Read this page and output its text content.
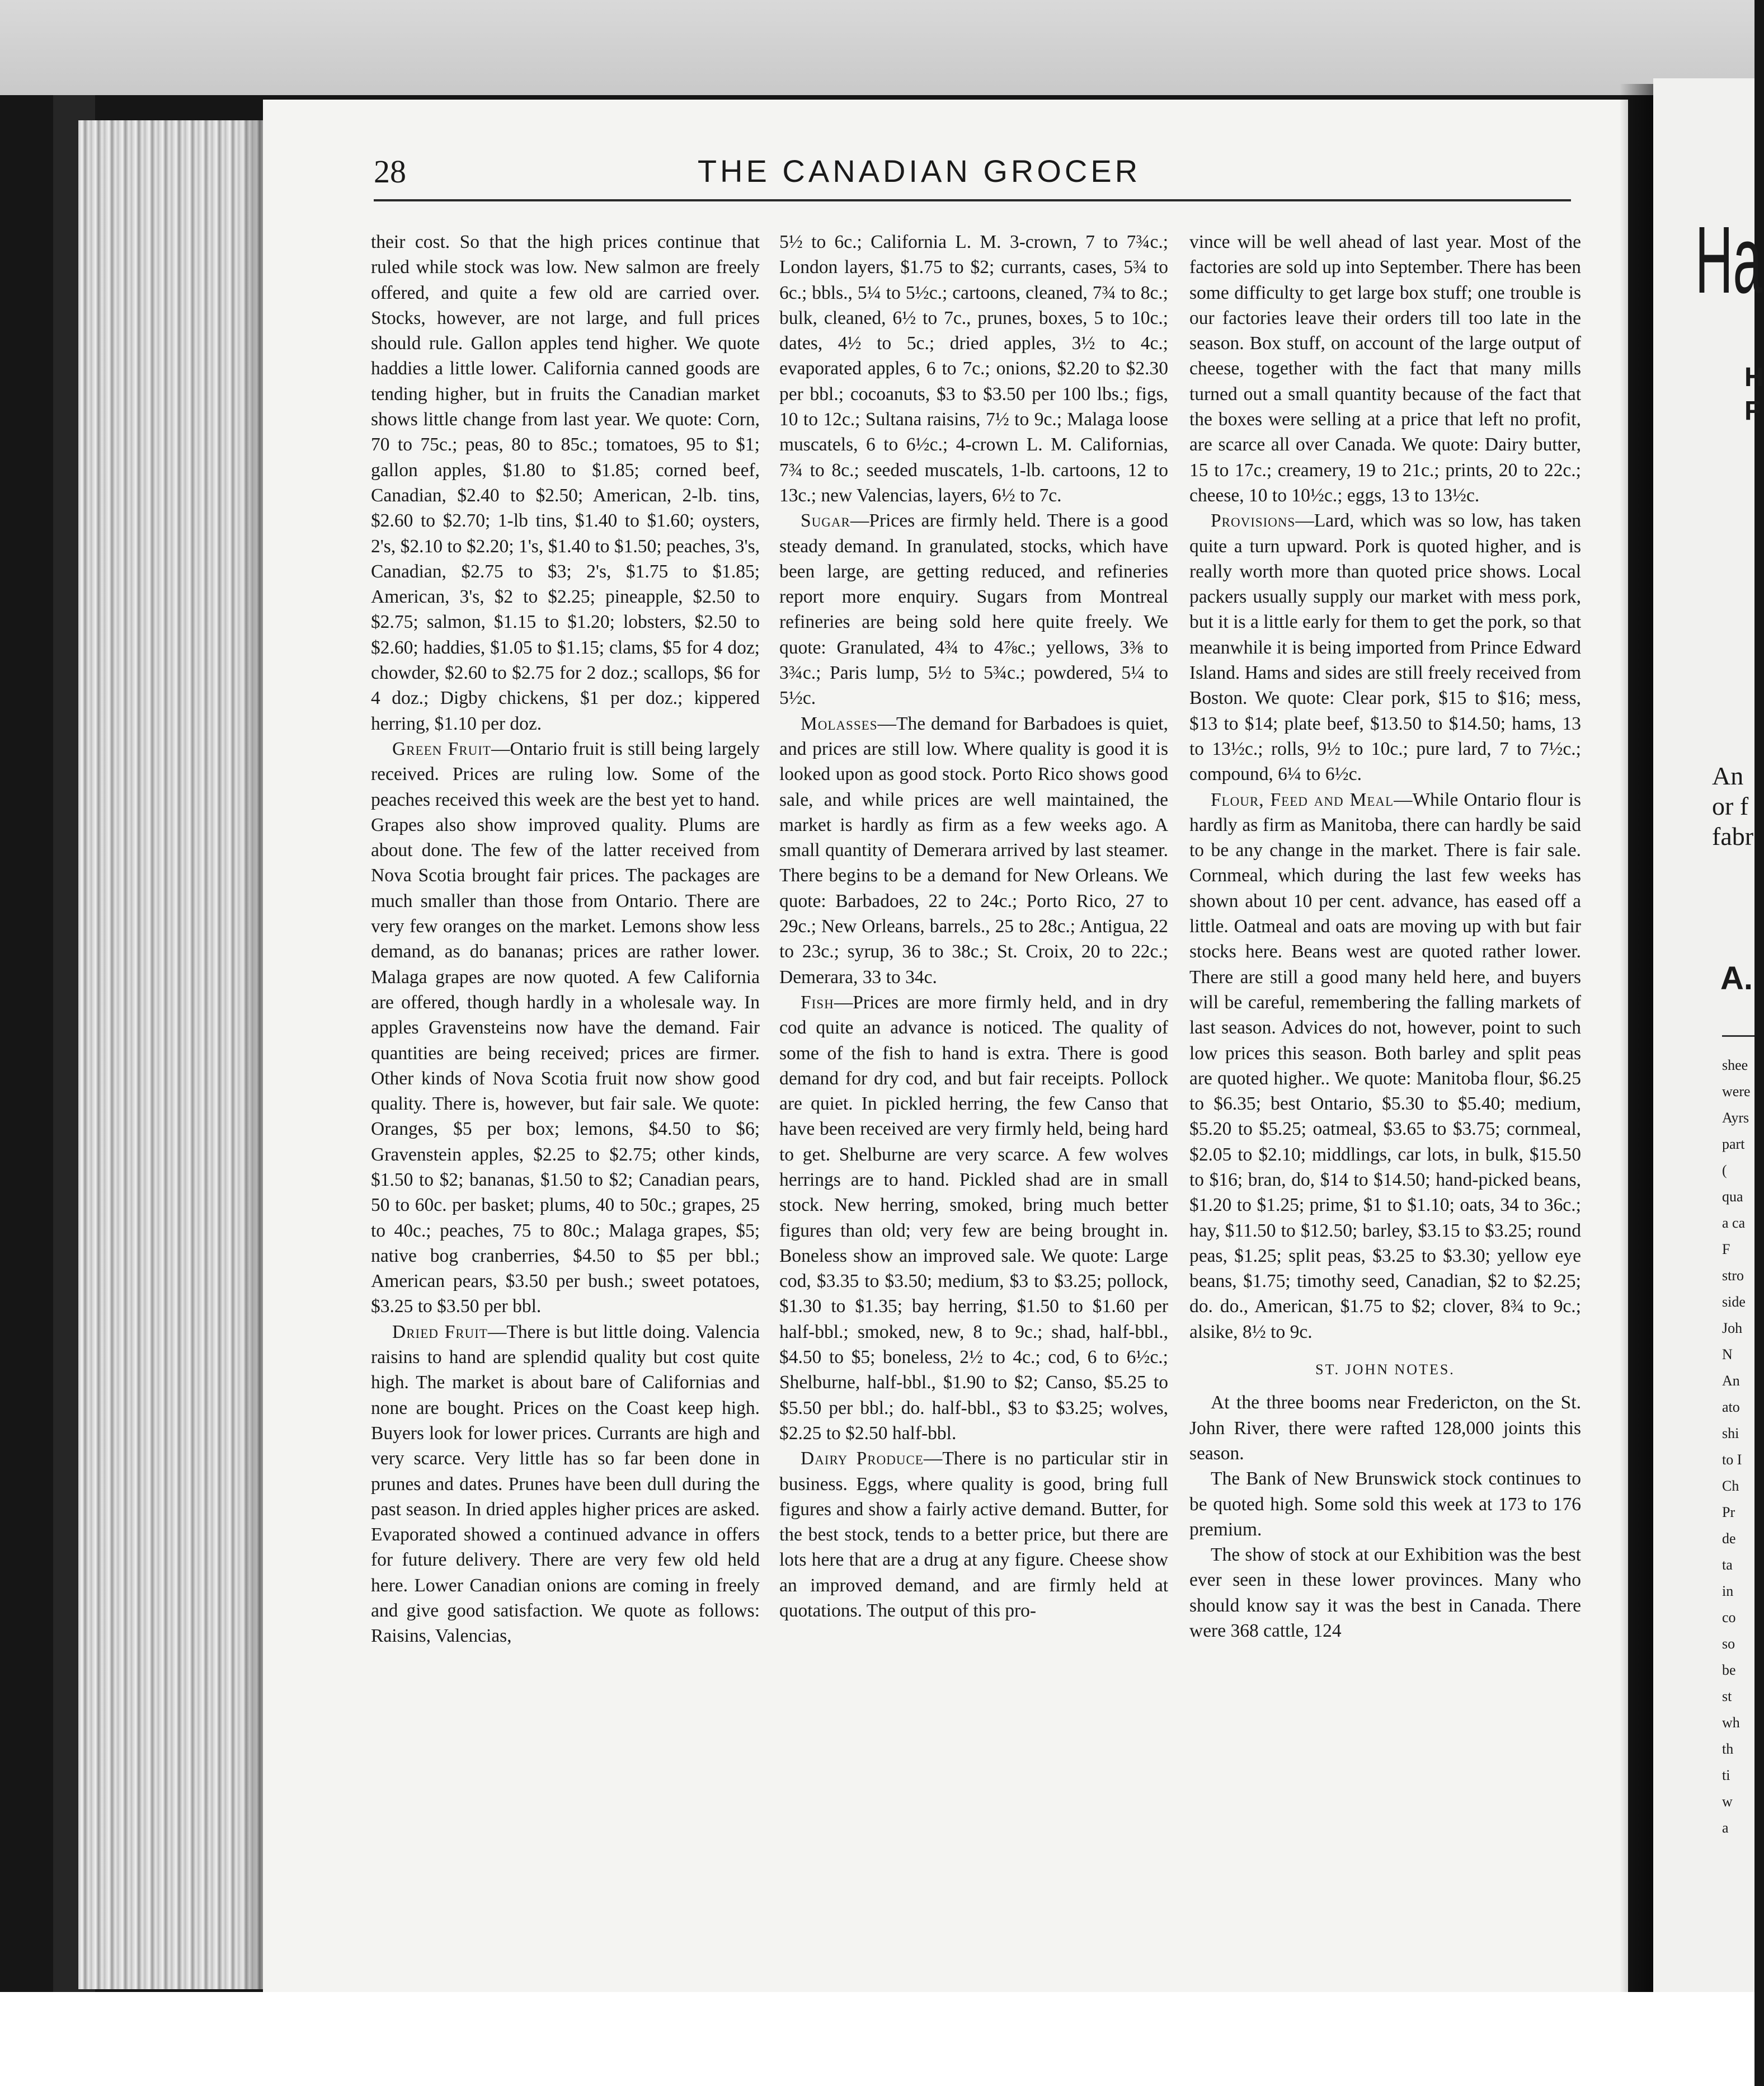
28	THE CANADIAN GROCER

their cost. So that the high prices continue that ruled while stock was low. New salmon are freely offered, and quite a few old are carried over. Stocks, however, are not large, and full prices should rule. Gallon apples tend higher. We quote haddies a little lower. California canned goods are tending higher, but in fruits the Canadian market shows little change from last year. We quote: Corn, 70 to 75c.; peas, 80 to 85c.; tomatoes, 95 to $1; gallon apples, $1.80 to $1.85; corned beef, Canadian, $2.40 to $2.50; American, 2-lb. tins, $2.60 to $2.70; 1-lb tins, $1.40 to $1.60; oysters, 2's, $2.10 to $2.20; 1's, $1.40 to $1.50; peaches, 3's, Canadian, $2.75 to $3; 2's, $1.75 to $1.85; American, 3's, $2 to $2.25; pineapple, $2.50 to $2.75; salmon, $1.15 to $1.20; lobsters, $2.50 to $2.60; haddies, $1.05 to $1.15; clams, $5 for 4 doz; chowder, $2.60 to $2.75 for 2 doz.; scallops, $6 for 4 doz.; Digby chickens, $1 per doz.; kippered herring, $1.10 per doz.

Green Fruit—Ontario fruit is still being largely received. Prices are ruling low. Some of the peaches received this week are the best yet to hand. Grapes also show improved quality. Plums are about done. The few of the latter received from Nova Scotia brought fair prices. The packages are much smaller than those from Ontario. There are very few oranges on the market. Lemons show less demand, as do bananas; prices are rather lower. Malaga grapes are now quoted. A few California are offered, though hardly in a wholesale way. In apples Gravensteins now have the demand. Fair quantities are being received; prices are firmer. Other kinds of Nova Scotia fruit now show good quality. There is, however, but fair sale. We quote: Oranges, $5 per box; lemons, $4.50 to $6; Gravenstein apples, $2.25 to $2.75; other kinds, $1.50 to $2; bananas, $1.50 to $2; Canadian pears, 50 to 60c. per basket; plums, 40 to 50c.; grapes, 25 to 40c.; peaches, 75 to 80c.; Malaga grapes, $5; native bog cranberries, $4.50 to $5 per bbl.; American pears, $3.50 per bush.; sweet potatoes, $3.25 to $3.50 per bbl.

Dried Fruit—There is but little doing. Valencia raisins to hand are splendid quality but cost quite high. The market is about bare of Californias and none are bought. Prices on the Coast keep high. Buyers look for lower prices. Currants are high and very scarce. Very little has so far been done in prunes and dates. Prunes have been dull during the past season. In dried apples higher prices are asked. Evaporated showed a continued advance in offers for future delivery. There are very few old held here. Lower Canadian onions are coming in freely and give good satisfaction. We quote as follows: Raisins, Valencias,

5½ to 6c.; California L. M. 3-crown, 7 to 7¾c.; London layers, $1.75 to $2; currants, cases, 5¾ to 6c.; bbls., 5¼ to 5½c.; cartoons, cleaned, 7¾ to 8c.; bulk, cleaned, 6½ to 7c., prunes, boxes, 5 to 10c.; dates, 4½ to 5c.; dried apples, 3½ to 4c.; evaporated apples, 6 to 7c.; onions, $2.20 to $2.30 per bbl.; cocoanuts, $3 to $3.50 per 100 lbs.; figs, 10 to 12c.; Sultana raisins, 7½ to 9c.; Malaga loose muscatels, 6 to 6½c.; 4-crown L. M. Californias, 7¾ to 8c.; seeded muscatels, 1-lb. cartoons, 12 to 13c.; new Valencias, layers, 6½ to 7c.

Sugar—Prices are firmly held. There is a good steady demand. In granulated, stocks, which have been large, are getting reduced, and refineries report more enquiry. Sugars from Montreal refineries are being sold here quite freely. We quote: Granulated, 4¾ to 4⅞c.; yellows, 3⅜ to 3¾c.; Paris lump, 5½ to 5¾c.; powdered, 5¼ to 5½c.

Molasses—The demand for Barbadoes is quiet, and prices are still low. Where quality is good it is looked upon as good stock. Porto Rico shows good sale, and while prices are well maintained, the market is hardly as firm as a few weeks ago. A small quantity of Demerara arrived by last steamer. There begins to be a demand for New Orleans. We quote: Barbadoes, 22 to 24c.; Porto Rico, 27 to 29c.; New Orleans, barrels., 25 to 28c.; Antigua, 22 to 23c.; syrup, 36 to 38c.; St. Croix, 20 to 22c.; Demerara, 33 to 34c.

Fish—Prices are more firmly held, and in dry cod quite an advance is noticed. The quality of some of the fish to hand is extra. There is good demand for dry cod, and but fair receipts. Pollock are quiet. In pickled herring, the few Canso that have been received are very firmly held, being hard to get. Shelburne are very scarce. A few wolves herrings are to hand. Pickled shad are in small stock. New herring, smoked, bring much better figures than old; very few are being brought in. Boneless show an improved sale. We quote: Large cod, $3.35 to $3.50; medium, $3 to $3.25; pollock, $1.30 to $1.35; bay herring, $1.50 to $1.60 per half-bbl.; smoked, new, 8 to 9c.; shad, half-bbl., $4.50 to $5; boneless, 2½ to 4c.; cod, 6 to 6½c.; Shelburne, half-bbl., $1.90 to $2; Canso, $5.25 to $5.50 per bbl.; do. half-bbl., $3 to $3.25; wolves, $2.25 to $2.50 half-bbl.

Dairy Produce—There is no particular stir in business. Eggs, where quality is good, bring full figures and show a fairly active demand. Butter, for the best stock, tends to a better price, but there are lots here that are a drug at any figure. Cheese show an improved demand, and are firmly held at quotations. The output of this pro-

vince will be well ahead of last year. Most of the factories are sold up into September. There has been some difficulty to get large box stuff; one trouble is our factories leave their orders till too late in the season. Box stuff, on account of the large output of cheese, together with the fact that many mills turned out a small quantity because of the fact that the boxes were selling at a price that left no profit, are scarce all over Canada. We quote: Dairy butter, 15 to 17c.; creamery, 19 to 21c.; prints, 20 to 22c.; cheese, 10 to 10½c.; eggs, 13 to 13½c.

Provisions—Lard, which was so low, has taken quite a turn upward. Pork is quoted higher, and is really worth more than quoted price shows. Local packers usually supply our market with mess pork, but it is a little early for them to get the pork, so that meanwhile it is being imported from Prince Edward Island. Hams and sides are still freely received from Boston. We quote: Clear pork, $15 to $16; mess, $13 to $14; plate beef, $13.50 to $14.50; hams, 13 to 13½c.; rolls, 9½ to 10c.; pure lard, 7 to 7½c.; compound, 6¼ to 6½c.

Flour, Feed and Meal—While Ontario flour is hardly as firm as Manitoba, there can hardly be said to be any change in the market. There is fair sale. Cornmeal, which during the last few weeks has shown about 10 per cent. advance, has eased off a little. Oatmeal and oats are moving up with but fair stocks here. Beans west are quoted rather lower. There are still a good many held here, and buyers will be careful, remembering the falling markets of last season. Advices do not, however, point to such low prices this season. Both barley and split peas are quoted higher.. We quote: Manitoba flour, $6.25 to $6.35; best Ontario, $5.30 to $5.40; medium, $5.20 to $5.25; oatmeal, $3.65 to $3.75; cornmeal, $2.05 to $2.10; middlings, car lots, in bulk, $15.50 to $16; bran, do, $14 to $14.50; hand-picked beans, $1.20 to $1.25; prime, $1 to $1.10; oats, 34 to 36c.; hay, $11.50 to $12.50; barley, $3.15 to $3.25; round peas, $1.25; split peas, $3.25 to $3.30; yellow eye beans, $1.75; timothy seed, Canadian, $2 to $2.25; do. do., American, $1.75 to $2; clover, 8¾ to 9c.; alsike, 8½ to 9c.

ST. JOHN NOTES.

At the three booms near Fredericton, on the St. John River, there were rafted 128,000 joints this season.

The Bank of New Brunswick stock continues to be quoted high. Some sold this week at 173 to 176 premium.

The show of stock at our Exhibition was the best ever seen in these lower provinces. Many who should know say it was the best in Canada. There were 368 cattle, 124

Ha
H
F
An
or f
fabr
A.
shee
were
Ayrs
part
(
qua
a ca
F
stro
side
Joh
N
An
ato
shi
to I
Ch
Pr
de
ta
in
co
so
be
st
wh
th
ti
w
a
